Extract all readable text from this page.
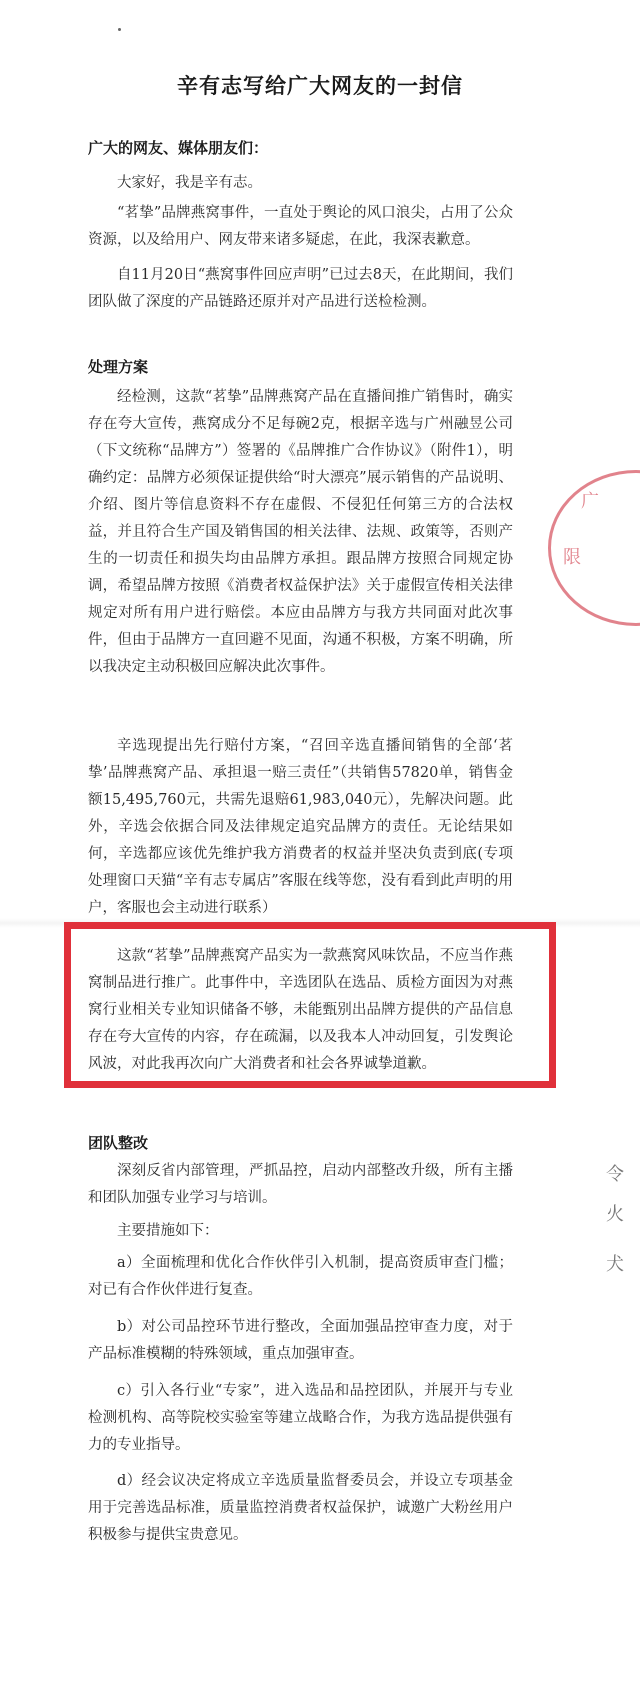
辛有志写给广大网友的一封信
广大的网友、媒体朋友们：

大家好，我是辛有志。

“茗挚”品牌燕窝事件，一直处于舆论的风口浪尖，占用了公众资源，以及给用户、网友带来诸多疑虑，在此，我深表歉意。

自11月20日“燕窝事件回应声明”已过去8天，在此期间，我们团队做了深度的产品链路还原并对产品进行送检检测。

处理方案

经检测，这款“茗挚”品牌燕窝产品在直播间推广销售时，确实存在夸大宣传，燕窝成分不足每碗2克，根据辛选与广州融昱公司（下文统称“品牌方”）签署的《品牌推广合作协议》（附件1），明确约定：品牌方必须保证提供给“时大漂亮”展示销售的产品说明、介绍、图片等信息资料不存在虚假、不侵犯任何第三方的合法权益，并且符合生产国及销售国的相关法律、法规、政策等，否则产生的一切责任和损失均由品牌方承担。跟品牌方按照合同规定协调，希望品牌方按照《消费者权益保护法》关于虚假宣传相关法律规定对所有用户进行赔偿。本应由品牌方与我方共同面对此次事件，但由于品牌方一直回避不见面，沟通不积极，方案不明确，所以我决定主动积极回应解决此次事件。

辛选现提出先行赔付方案，“召回辛选直播间销售的全部‘茗挚’品牌燕窝产品、承担退一赔三责任”（共销售57820单，销售金额15,495,760元，共需先退赔61,983,040元），先解决问题。此外，辛选会依据合同及法律规定追究品牌方的责任。无论结果如何，辛选都应该优先维护我方消费者的权益并坚决负责到底(专项处理窗口天猫“辛有志专属店”客服在线等您，没有看到此声明的用户，客服也会主动进行联系）

这款“茗挚”品牌燕窝产品实为一款燕窝风味饮品，不应当作燕窝制品进行推广。此事件中，辛选团队在选品、质检方面因为对燕窝行业相关专业知识储备不够，未能甄别出品牌方提供的产品信息存在夸大宣传的内容，存在疏漏，以及我本人冲动回复，引发舆论风波，对此我再次向广大消费者和社会各界诚挚道歉。

团队整改

深刻反省内部管理，严抓品控，启动内部整改升级，所有主播和团队加强专业学习与培训。

主要措施如下：

a）全面梳理和优化合作伙伴引入机制，提高资质审查门槛；对已有合作伙伴进行复查。

b）对公司品控环节进行整改，全面加强品控审查力度，对于产品标准模糊的特殊领域，重点加强审查。

c）引入各行业“专家”，进入选品和品控团队，并展开与专业检测机构、高等院校实验室等建立战略合作，为我方选品提供强有力的专业指导。

d）经会议决定将成立辛选质量监督委员会，并设立专项基金用于完善选品标准，质量监控消费者权益保护，诚邀广大粉丝用户积极参与提供宝贵意见。

广
限
令
火
犬
